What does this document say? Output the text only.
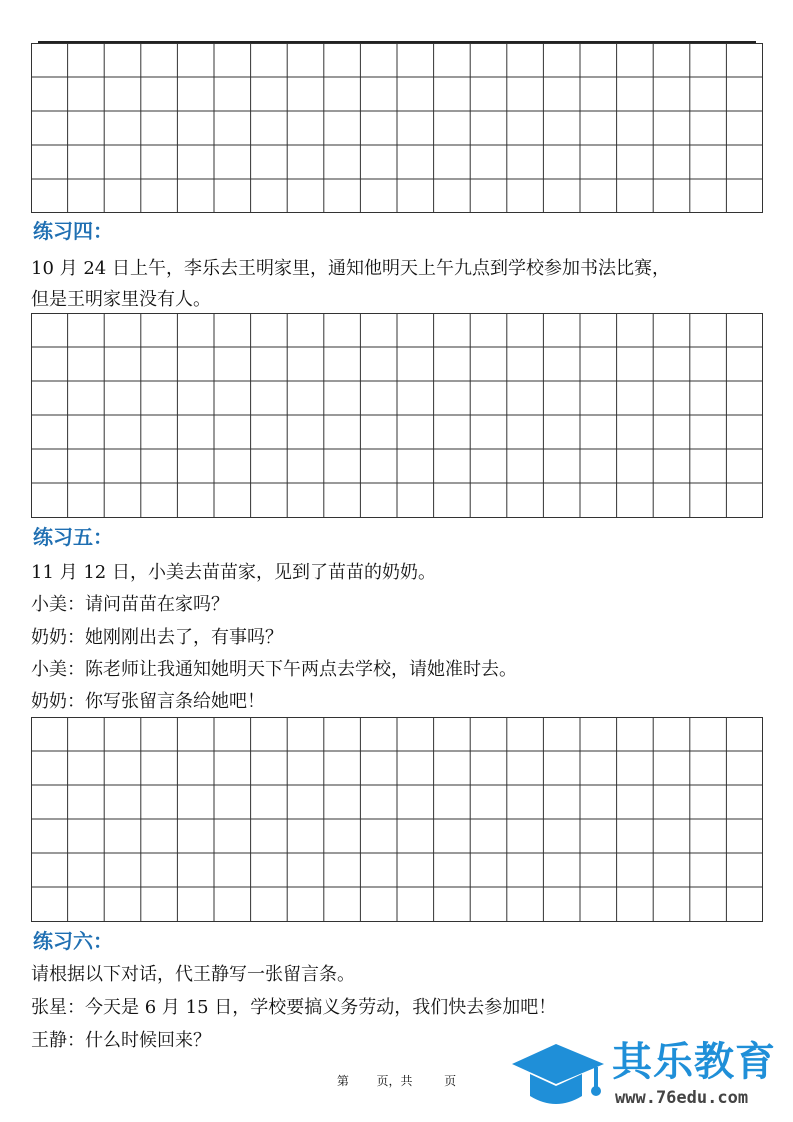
练习四：

10 月 24 日上午，李乐去王明家里，通知他明天上午九点到学校参加书法比赛，

但是王明家里没有人。

练习五：

11 月 12 日，小美去苗苗家，见到了苗苗的奶奶。

小美：请问苗苗在家吗？

奶奶：她刚刚出去了，有事吗？

小美：陈老师让我通知她明天下午两点去学校，请她准时去。

奶奶：你写张留言条给她吧！

练习六：

请根据以下对话，代王静写一张留言条。

张星：今天是 6 月 15 日，学校要搞义务劳动，我们快去参加吧！

王静：什么时候回来？

第 页，共	页	其乐教育
www.76edu.com
